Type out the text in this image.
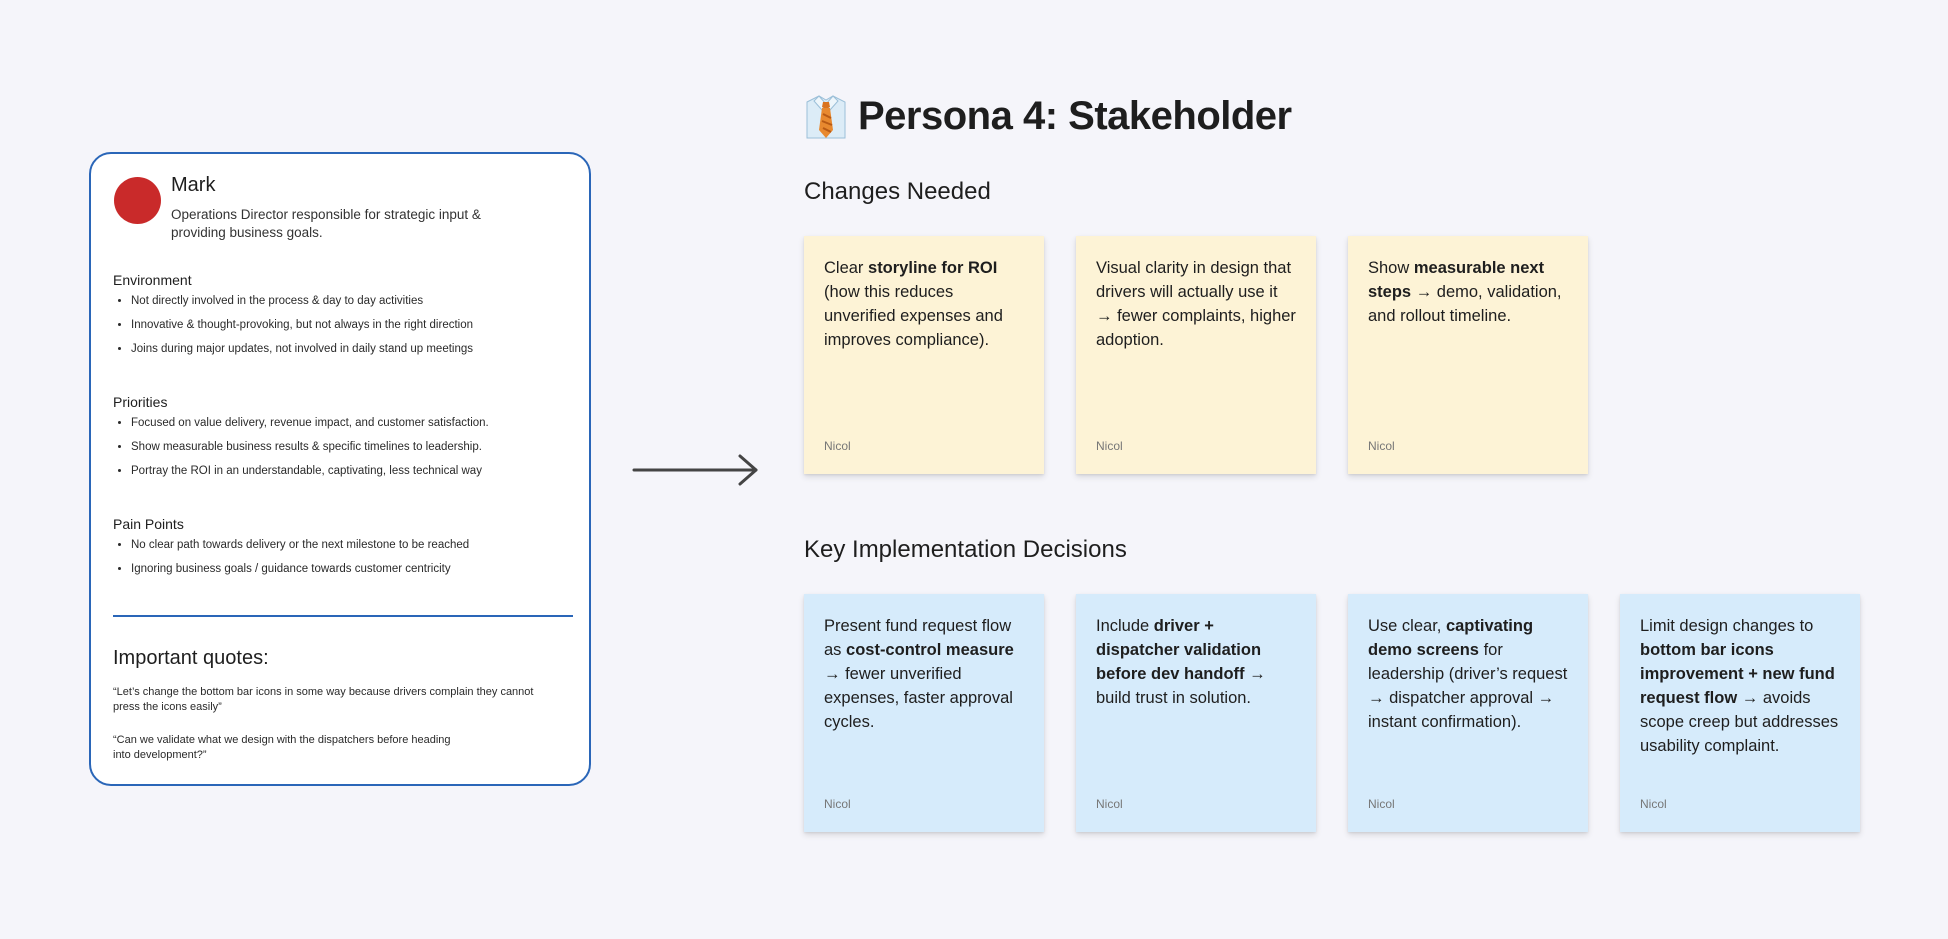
Mark
Operations Director responsible for strategic input & providing business goals.
Environment
• Not directly involved in the process & day to day activities
• Innovative & thought-provoking, but not always in the right direction
• Joins during major updates, not involved in daily stand up meetings
Priorities
• Focused on value delivery, revenue impact, and customer satisfaction.
• Show measurable business results & specific timelines to leadership.
• Portray the ROI in an understandable, captivating, less technical way
Pain Points
• No clear path towards delivery or the next milestone to be reached
• Ignoring business goals / guidance towards customer centricity
Important quotes:
“Let’s change the bottom bar icons in some way because drivers complain they cannot press the icons easily”
“Can we validate what we design with the dispatchers before heading into development?”
Persona 4: Stakeholder
Changes Needed
Key Implementation Decisions
Clear storyline for ROI (how this reduces unverified expenses and improves compliance).
Nicol
Visual clarity in design that drivers will actually use it → fewer complaints, higher adoption.
Nicol
Show measurable next steps → demo, validation, and rollout timeline.
Nicol
Present fund request flow as cost-control measure → fewer unverified expenses, faster approval cycles.
Nicol
Include driver + dispatcher validation before dev handoff → build trust in solution.
Nicol
Use clear, captivating demo screens for leadership (driver’s request → dispatcher approval → instant confirmation).
Nicol
Limit design changes to bottom bar icons improvement + new fund request flow → avoids scope creep but addresses usability complaint.
Nicol
